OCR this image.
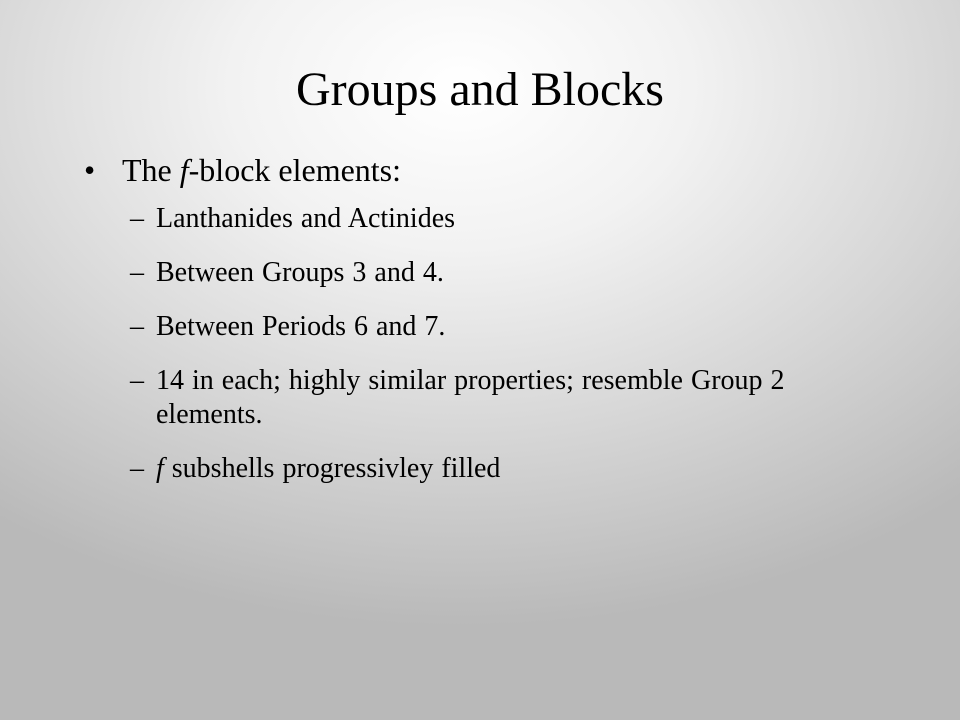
Groups and Blocks
• The f-block elements:
– Lanthanides and Actinides
– Between Groups 3 and 4.
– Between Periods 6 and 7.
– 14 in each; highly similar properties; resemble Group 2 elements.
– f subshells progressivley filled
